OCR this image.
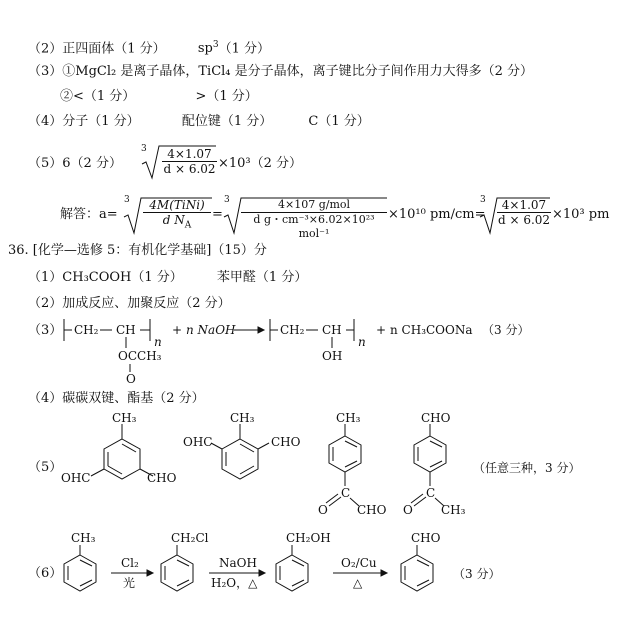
（2）正四面体（1 分） $sp^3(1$ 分）
（3）①MgCl₂ 是离子晶体，TiCl₄ 是分子晶体，离子键比分子间作用力大得多（2 分）
②<（1 分）	>（1 分）
（4）分子（1 分）	配位键（1 分）	C（1 分）
（5）6（2 分）
$3 \frac{4\times 1.07}{d \times 6.02} \times 10^3(2$ 分）
解答：a=
3	4M(TiNi)
d $N_A$
=
3	4×107 g/mol
d g・cm⁻³×6.02×10²³ mol⁻¹
×10¹⁰ pm/cm=
$3 \frac{4\times 1.07}{d \times 6.02} \times 10^3$ pm
36. [化学—选修 5：有机化学基础]（15）分
（1）CH₃COOH（1 分）	苯甲醛（1 分）
（2）加成反应、加聚反应（2 分）
（3） CH₂ CH
n
OCCH₃
O
+ n NaOH	CH₂ CH
n
OH
+ n CH₃COONa （3 分）
（4）碳碳双键、酯基（2 分）
（5）
CH₃
OHC	CHO
CH₃
OHC	CHO
CH₃
C
O CHO
CHO
C
O CH₃
（任意三种，3 分）
（6）
CH₃
Cl₂
光
CH₂Cl
NaOH
H₂O，△
CH₂OH
O₂/Cu
△
CHO
（3 分）
